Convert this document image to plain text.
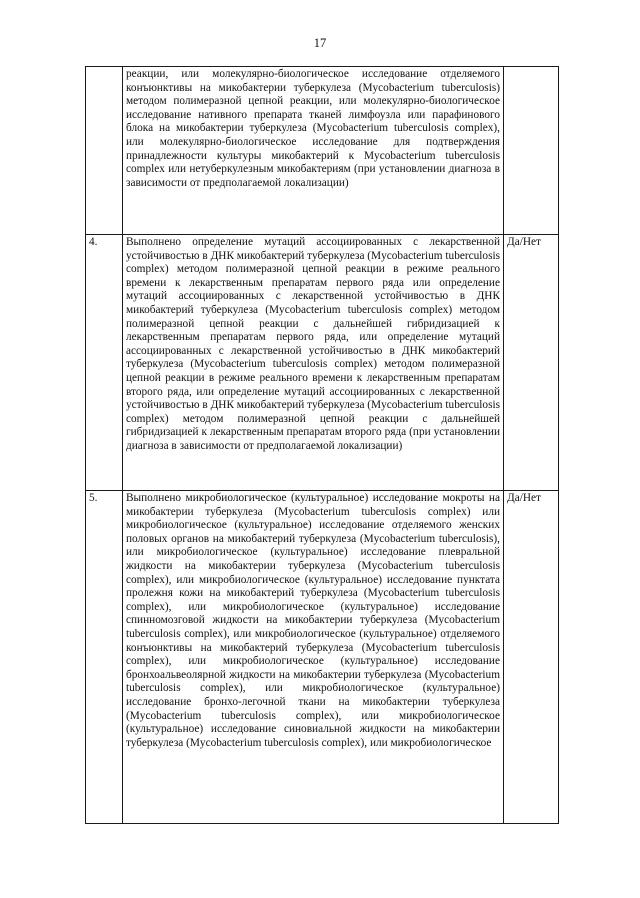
17
	реакции, или молекулярно-биологическое исследование отделяемого конъюнктивы на микобактерии туберкулеза (Mycobacterium tuberculosis) методом полимеразной цепной реакции, или молекулярно-биологическое исследование нативного препарата тканей лимфоузла или парафинового блока на микобактерии туберкулеза (Mycobacterium tuberculosis complex), или молекулярно-биологическое исследование для подтверждения принадлежности культуры микобактерий к Mycobacterium tuberculosis complex или нетуберкулезным микобактериям (при установлении диагноза в зависимости от предполагаемой локализации)	
4.	Выполнено определение мутаций ассоциированных с лекарственной устойчивостью в ДНК микобактерий туберкулеза (Mycobacterium tuberculosis complex) методом полимеразной цепной реакции в режиме реального времени к лекарственным препаратам первого ряда или определение мутаций ассоциированных с лекарственной устойчивостью в ДНК микобактерий туберкулеза (Mycobacterium tuberculosis complex) методом полимеразной цепной реакции с дальнейшей гибридизацией к лекарственным препаратам первого ряда, или определение мутаций ассоциированных с лекарственной устойчивостью в ДНК микобактерий туберкулеза (Mycobacterium tuberculosis complex) методом полимеразной цепной реакции в режиме реального времени к лекарственным препаратам второго ряда, или определение мутаций ассоциированных с лекарственной устойчивостью в ДНК микобактерий туберкулеза (Mycobacterium tuberculosis complex) методом полимеразной цепной реакции с дальнейшей гибридизацией к лекарственным препаратам второго ряда (при установлении диагноза в зависимости от предполагаемой локализации)	Да/Нет
5.	Выполнено микробиологическое (культуральное) исследование мокроты на микобактерии туберкулеза (Mycobacterium tuberculosis complex) или микробиологическое (культуральное) исследование отделяемого женских половых органов на микобактерий туберкулеза (Mycobacterium tuberculosis), или микробиологическое (культуральное) исследование плевральной жидкости на микобактерии туберкулеза (Mycobacterium tuberculosis complex), или микробиологическое (культуральное) исследование пунктата пролежня кожи на микобактерий туберкулеза (Mycobacterium tuberculosis complex), или микробиологическое (культуральное) исследование спинномозговой жидкости на микобактерии туберкулеза (Mycobacterium tuberculosis complex), или микробиологическое (культуральное) отделяемого конъюнктивы на микобактерий туберкулеза (Mycobacterium tuberculosis complex), или микробиологическое (культуральное) исследование бронхоальвеолярной жидкости на микобактерии туберкулеза (Mycobacterium tuberculosis complex), или микробиологическое (культуральное) исследование бронхо-легочной ткани на микобактерии туберкулеза (Mycobacterium tuberculosis complex), или микробиологическое (культуральное) исследование синовиальной жидкости на микобактерии туберкулеза (Mycobacterium tuberculosis complex), или микробиологическое	Да/Нет
